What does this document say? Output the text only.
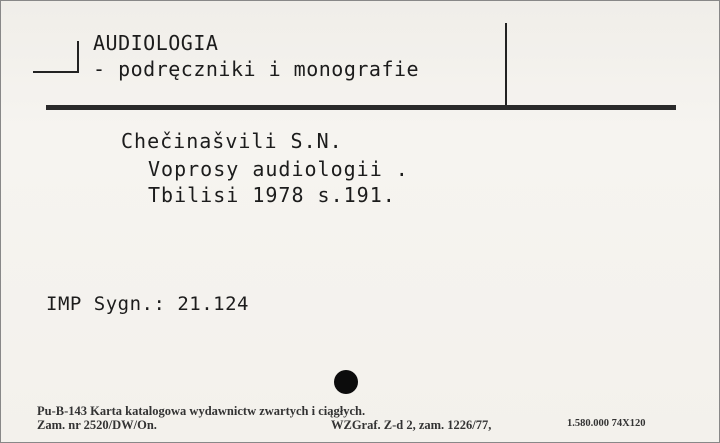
AUDIOLOGIA
- podręczniki i monografie
Chečinašvili S.N.
Voprosy audiologii .
Tbilisi 1978 s.191.
IMP Sygn.: 21.124
Pu-B-143 Karta katalogowa wydawnictw zwartych i ciągłych.
Zam. nr 2520/DW/On.	WZGraf. Z-d 2, zam. 1226/77,	1.580.000 74X120
